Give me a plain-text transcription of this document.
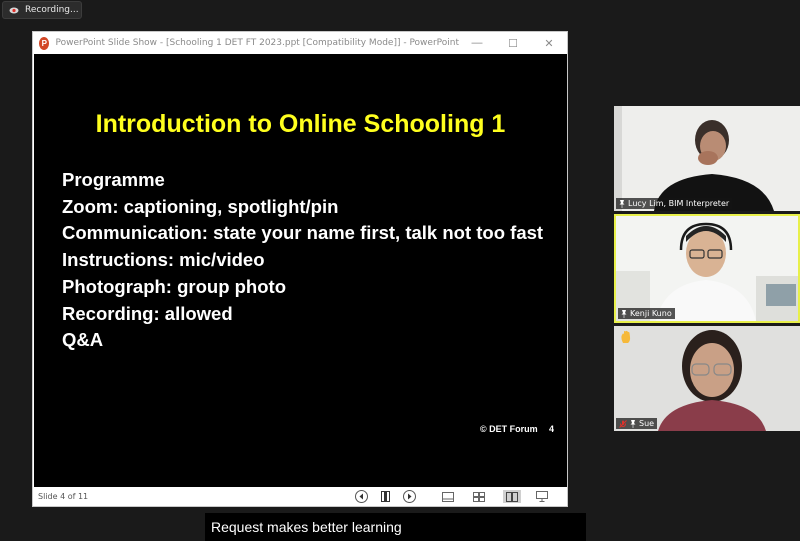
Recording...
P PowerPoint Slide Show - [Schooling 1 DET FT 2023.ppt [Compatibility Mode]] - PowerPoint	—	☐	✕
Introduction to Online Schooling 1
Programme
Zoom: captioning, spotlight/pin
Communication: state your name first, talk not too fast
Instructions: mic/video
Photograph: group photo
Recording: allowed
Q&A
© DET Forum 4
Slide 4 of 11
Lucy Lim, BIM Interpreter
Kenji Kuno
Sue
Request makes better learning
